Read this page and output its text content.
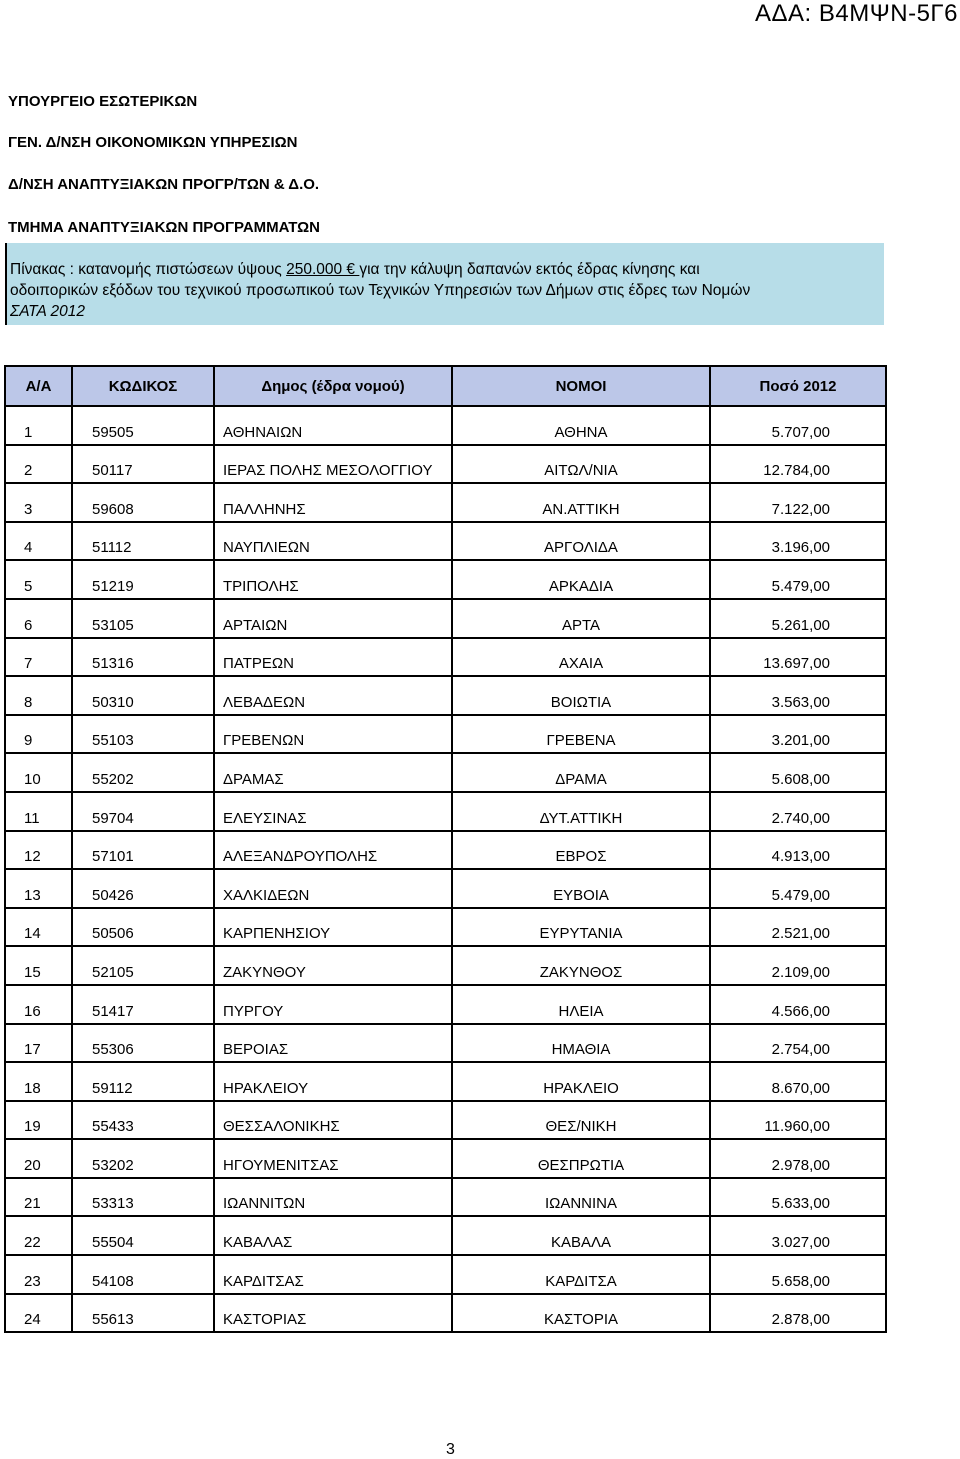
ΑΔΑ: Β4ΜΨΝ-5Γ6
ΥΠΟΥΡΓΕΙΟ ΕΣΩΤΕΡΙΚΩΝ
ΓΕΝ. Δ/ΝΣΗ ΟΙΚΟΝΟΜΙΚΩΝ ΥΠΗΡΕΣΙΩΝ
Δ/ΝΣΗ ΑΝΑΠΤΥΞΙΑΚΩΝ ΠΡΟΓΡ/ΤΩΝ & Δ.Ο.
ΤΜΗΜΑ ΑΝΑΠΤΥΞΙΑΚΩΝ ΠΡΟΓΡΑΜΜΑΤΩΝ
Πίνακας : κατανομής πιστώσεων ύψους 250.000 € για την κάλυψη δαπανών εκτός έδρας κίνησης και
οδοιπορικών εξόδων του τεχνικού προσωπικού των Τεχνικών Υπηρεσιών των Δήμων στις έδρες των Νομών
ΣΑΤΑ 2012
Α/Α	ΚΩΔΙΚΟΣ	Δημος (έδρα νομού)	ΝΟΜΟΙ	Ποσό 2012
1	59505	ΑΘΗΝΑΙΩΝ	ΑΘΗΝΑ	5.707,00
2	50117	ΙΕΡΑΣ ΠΟΛΗΣ ΜΕΣΟΛΟΓΓΙΟΥ	ΑΙΤΩΛ/ΝΙΑ	12.784,00
3	59608	ΠΑΛΛΗΝΗΣ	ΑΝ.ΑΤΤΙΚΗ	7.122,00
4	51112	ΝΑΥΠΛΙΕΩΝ	ΑΡΓΟΛΙΔΑ	3.196,00
5	51219	ΤΡΙΠΟΛΗΣ	ΑΡΚΑΔΙΑ	5.479,00
6	53105	ΑΡΤΑΙΩΝ	ΑΡΤΑ	5.261,00
7	51316	ΠΑΤΡΕΩΝ	ΑΧΑΙΑ	13.697,00
8	50310	ΛΕΒΑΔΕΩΝ	ΒΟΙΩΤΙΑ	3.563,00
9	55103	ΓΡΕΒΕΝΩΝ	ΓΡΕΒΕΝΑ	3.201,00
10	55202	ΔΡΑΜΑΣ	ΔΡΑΜΑ	5.608,00
11	59704	ΕΛΕΥΣΙΝΑΣ	ΔΥΤ.ΑΤΤΙΚΗ	2.740,00
12	57101	ΑΛΕΞΑΝΔΡΟΥΠΟΛΗΣ	ΕΒΡΟΣ	4.913,00
13	50426	ΧΑΛΚΙΔΕΩΝ	ΕΥΒΟΙΑ	5.479,00
14	50506	ΚΑΡΠΕΝΗΣΙΟΥ	ΕΥΡΥΤΑΝΙΑ	2.521,00
15	52105	ΖΑΚΥΝΘΟΥ	ΖΑΚΥΝΘΟΣ	2.109,00
16	51417	ΠΥΡΓΟΥ	ΗΛΕΙΑ	4.566,00
17	55306	ΒΕΡΟΙΑΣ	ΗΜΑΘΙΑ	2.754,00
18	59112	ΗΡΑΚΛΕΙΟΥ	ΗΡΑΚΛΕΙΟ	8.670,00
19	55433	ΘΕΣΣΑΛΟΝΙΚΗΣ	ΘΕΣ/ΝΙΚΗ	11.960,00
20	53202	ΗΓΟΥΜΕΝΙΤΣΑΣ	ΘΕΣΠΡΩΤΙΑ	2.978,00
21	53313	ΙΩΑΝΝΙΤΩΝ	ΙΩΑΝΝΙΝΑ	5.633,00
22	55504	ΚΑΒΑΛΑΣ	ΚΑΒΑΛΑ	3.027,00
23	54108	ΚΑΡΔΙΤΣΑΣ	ΚΑΡΔΙΤΣΑ	5.658,00
24	55613	ΚΑΣΤΟΡΙΑΣ	ΚΑΣΤΟΡΙΑ	2.878,00
3
